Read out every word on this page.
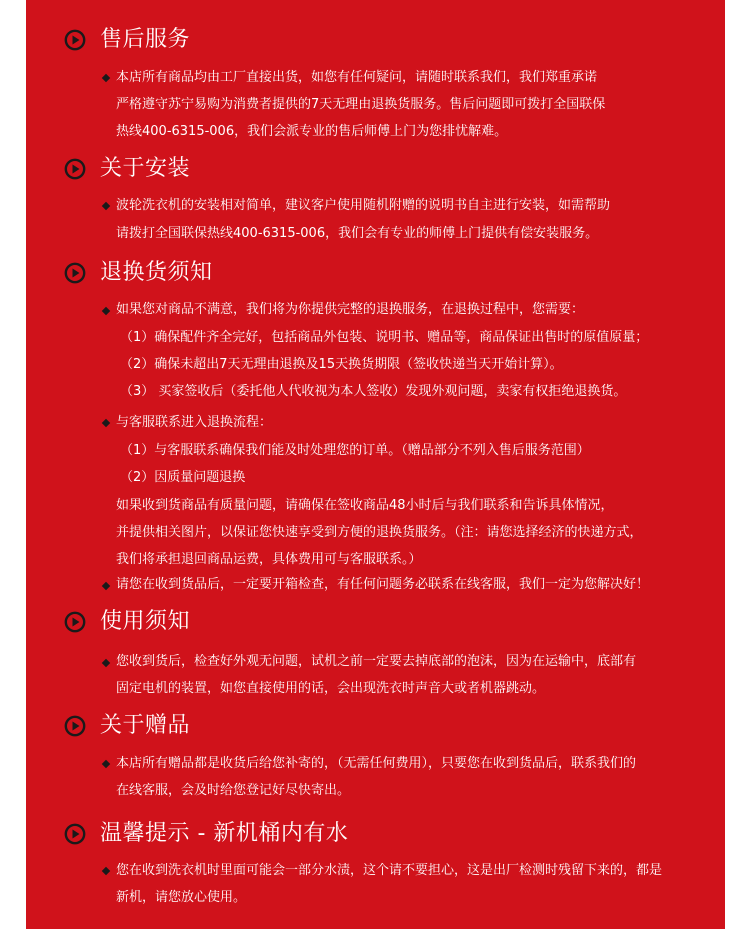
售后服务
本店所有商品均由工厂直接出货，如您有任何疑问，请随时联系我们，我们郑重承诺
严格遵守苏宁易购为消费者提供的7天无理由退换货服务。售后问题即可拨打全国联保
热线400-6315-006，我们会派专业的售后师傅上门为您排忧解难。
关于安装
波轮洗衣机的安装相对简单，建议客户使用随机附赠的说明书自主进行安装，如需帮助
请拨打全国联保热线400-6315-006，我们会有专业的师傅上门提供有偿安装服务。
退换货须知
如果您对商品不满意，我们将为你提供完整的退换服务，在退换过程中，您需要：
（1）确保配件齐全完好，包括商品外包装、说明书、赠品等，商品保证出售时的原值原量；
（2）确保未超出7天无理由退换及15天换货期限（签收快递当天开始计算）。
（3） 买家签收后（委托他人代收视为本人签收）发现外观问题，卖家有权拒绝退换货。
与客服联系进入退换流程：
（1）与客服联系确保我们能及时处理您的订单。（赠品部分不列入售后服务范围）
（2）因质量问题退换
如果收到货商品有质量问题，请确保在签收商品48小时后与我们联系和告诉具体情况，
并提供相关图片，以保证您快速享受到方便的退换货服务。（注：请您选择经济的快递方式，
我们将承担退回商品运费，具体费用可与客服联系。）
请您在收到货品后，一定要开箱检查，有任何问题务必联系在线客服，我们一定为您解决好！
使用须知
您收到货后，检查好外观无问题，试机之前一定要去掉底部的泡沫，因为在运输中，底部有
固定电机的装置，如您直接使用的话，会出现洗衣时声音大或者机器跳动。
关于赠品
本店所有赠品都是收货后给您补寄的，（无需任何费用），只要您在收到货品后，联系我们的
在线客服，会及时给您登记好尽快寄出。
温馨提示 - 新机桶内有水
您在收到洗衣机时里面可能会一部分水渍，这个请不要担心，这是出厂检测时残留下来的，都是
新机，请您放心使用。
